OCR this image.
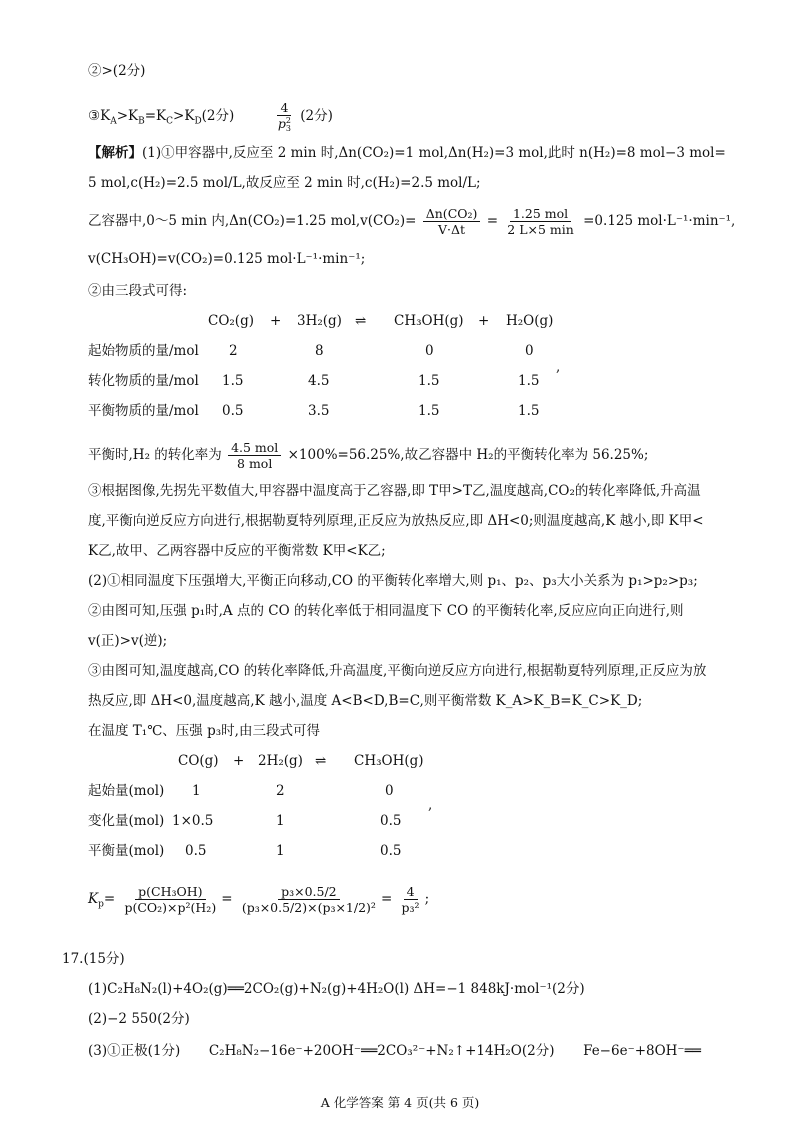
②>(2分)
$③K_A>K_B=K_C>K_D(2$分)	4
p 2
3 (2分)
【解析】(1)①甲容器中,反应至 2 min 时,Δn(CO₂)=1 mol,Δn(H₂)=3 mol,此时 n(H₂)=8 mol−3 mol=
5 mol,c(H₂)=2.5 mol/L,故反应至 2 min 时,c(H₂)=2.5 mol/L;
乙容器中,0～5 min 内,Δn(CO₂)=1.25 $mol,v(CO_2)= \frac{\text{Δn(CO₂)}}{V\cdot\Delta t} = \frac{\text{1.25 mol}}{2 L\times 5 \min} =0.125$ mol·L⁻¹·min⁻¹,
v(CH₃OH)=v(CO₂)=0.125 mol·L⁻¹·min⁻¹;
②由三段式可得:
CO₂(g) + 3H₂(g) ⇌ CH₃OH(g) + H₂O(g)
起始物质的量/mol 2	8	0	0
转化物质的量/mol 1.5	4.5	1.5	1.5
,
平衡物质的量/mol 0.5	3.5	1.5	1.5
平衡时,H₂ 的转化率为 $\frac{\text{4.5 mol}}{\text{8 mol}} \times 100\%=56.25\%$,故乙容器中 H₂的平衡转化率为 56.25%;
③根据图像,先拐先平数值大,甲容器中温度高于乙容器,即 T甲>T乙,温度越高,CO₂的转化率降低,升高温
度,平衡向逆反应方向进行,根据勒夏特列原理,正反应为放热反应,即 ΔH<0;则温度越高,K 越小,即 K甲<
K乙,故甲、乙两容器中反应的平衡常数 K甲<K乙;
(2)①相同温度下压强增大,平衡正向移动,CO 的平衡转化率增大,则 p₁、p₂、p₃大小关系为 p₁>p₂>p₃;
②由图可知,压强 p₁时,A 点的 CO 的转化率低于相同温度下 CO 的平衡转化率,反应应向正向进行,则
v(正)>v(逆);
③由图可知,温度越高,CO 的转化率降低,升高温度,平衡向逆反应方向进行,根据勒夏特列原理,正反应为放
热反应,即 ΔH<0,温度越高,K 越小,温度 A<B<D,B=C,则平衡常数 K_A>K_B=K_C>K_D;
在温度 T₁℃、压强 p₃时,由三段式可得
CO(g) + 2H₂(g) ⇌ CH₃OH(g)
起始量(mol) 1	2	0
变化量(mol) 1×0.5	1	0.5
,
平衡量(mol) 0.5	1	0.5
$K_p= \frac{\text{p(CH₃OH)}}{\text{p(CO₂)×p²(H₂)}} = \frac{\text{p₃×0.5/2}}{\text{(p₃×0.5/2)×(p₃×1/2)²}} = \frac{4}{\text{p₃²}}$ ;
17.(15分)
(1)C₂H₈N₂(l)+4O₂(g)══2CO₂(g)+N₂(g)+4H₂O(l) ΔH=−1 848kJ·mol⁻¹(2分)
(2)−2 550(2分)
(3)①正极(1分) C₂H₈N₂−16e⁻+20OH⁻══2CO₃²⁻+N₂↑+14H₂O(2分) Fe−6e⁻+8OH⁻══
A 化学答案 第 4 页(共 6 页)
